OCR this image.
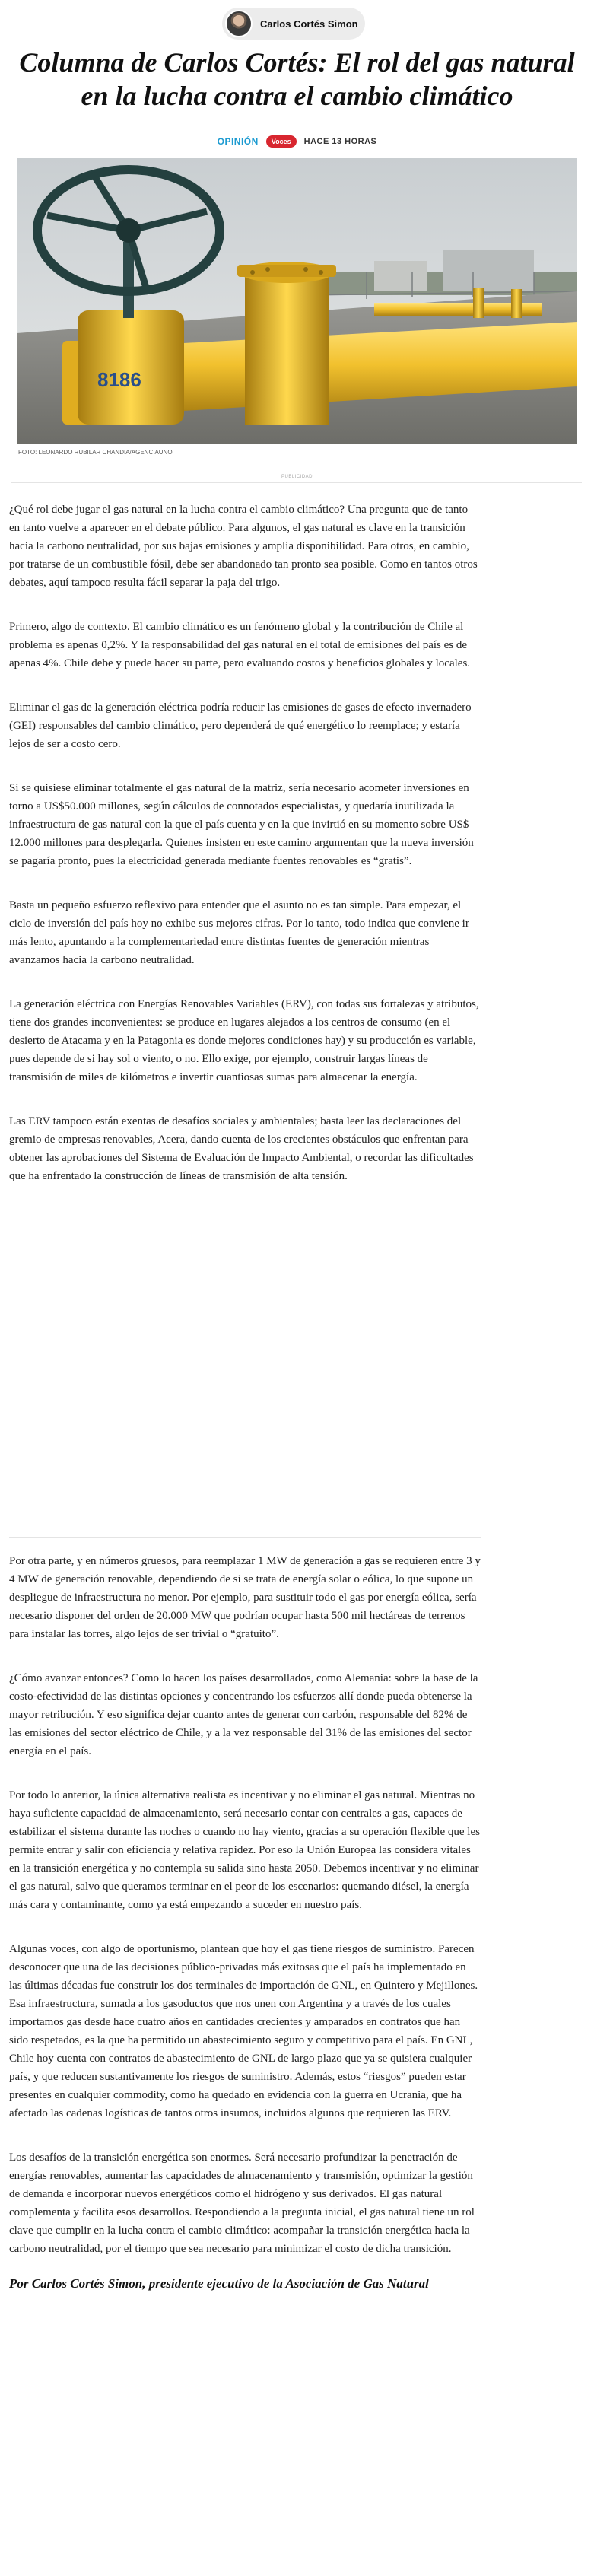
Carlos Cortés Simon
Columna de Carlos Cortés: El rol del gas natural en la lucha contra el cambio climático
OPINIÓN	Voces	HACE 13 HORAS
8186
FOTO: LEONARDO RUBILAR CHANDIA/AGENCIAUNO
PUBLICIDAD

¿Qué rol debe jugar el gas natural en la lucha contra el cambio climático? Una pregunta que de tanto en tanto vuelve a aparecer en el debate público. Para algunos, el gas natural es clave en la transición hacia la carbono neutralidad, por sus bajas emisiones y amplia disponibilidad. Para otros, en cambio, por tratarse de un combustible fósil, debe ser abandonado tan pronto sea posible. Como en tantos otros debates, aquí tampoco resulta fácil separar la paja del trigo.

Primero, algo de contexto. El cambio climático es un fenómeno global y la contribución de Chile al problema es apenas 0,2%. Y la responsabilidad del gas natural en el total de emisiones del país es de apenas 4%. Chile debe y puede hacer su parte, pero evaluando costos y beneficios globales y locales.

Eliminar el gas de la generación eléctrica podría reducir las emisiones de gases de efecto invernadero (GEI) responsables del cambio climático, pero dependerá de qué energético lo reemplace; y estaría lejos de ser a costo cero.

Si se quisiese eliminar totalmente el gas natural de la matriz, sería necesario acometer inversiones en torno a US$50.000 millones, según cálculos de connotados especialistas, y quedaría inutilizada la infraestructura de gas natural con la que el país cuenta y en la que invirtió en su momento sobre US$ 12.000 millones para desplegarla. Quienes insisten en este camino argumentan que la nueva inversión se pagaría pronto, pues la electricidad generada mediante fuentes renovables es “gratis”.

Basta un pequeño esfuerzo reflexivo para entender que el asunto no es tan simple. Para empezar, el ciclo de inversión del país hoy no exhibe sus mejores cifras. Por lo tanto, todo indica que conviene ir más lento, apuntando a la complementariedad entre distintas fuentes de generación mientras avanzamos hacia la carbono neutralidad.

La generación eléctrica con Energías Renovables Variables (ERV), con todas sus fortalezas y atributos, tiene dos grandes inconvenientes: se produce en lugares alejados a los centros de consumo (en el desierto de Atacama y en la Patagonia es donde mejores condiciones hay) y su producción es variable, pues depende de si hay sol o viento, o no. Ello exige, por ejemplo, construir largas líneas de transmisión de miles de kilómetros e invertir cuantiosas sumas para almacenar la energía.

Las ERV tampoco están exentas de desafíos sociales y ambientales; basta leer las declaraciones del gremio de empresas renovables, Acera, dando cuenta de los crecientes obstáculos que enfrentan para obtener las aprobaciones del Sistema de Evaluación de Impacto Ambiental, o recordar las dificultades que ha enfrentado la construcción de líneas de transmisión de alta tensión.

Por otra parte, y en números gruesos, para reemplazar 1 MW de generación a gas se requieren entre 3 y 4 MW de generación renovable, dependiendo de si se trata de energía solar o eólica, lo que supone un despliegue de infraestructura no menor. Por ejemplo, para sustituir todo el gas por energía eólica, sería necesario disponer del orden de 20.000 MW que podrían ocupar hasta 500 mil hectáreas de terrenos para instalar las torres, algo lejos de ser trivial o “gratuito”.

¿Cómo avanzar entonces? Como lo hacen los países desarrollados, como Alemania: sobre la base de la costo-efectividad de las distintas opciones y concentrando los esfuerzos allí donde pueda obtenerse la mayor retribución. Y eso significa dejar cuanto antes de generar con carbón, responsable del 82% de las emisiones del sector eléctrico de Chile, y a la vez responsable del 31% de las emisiones del sector energía en el país.

Por todo lo anterior, la única alternativa realista es incentivar y no eliminar el gas natural. Mientras no haya suficiente capacidad de almacenamiento, será necesario contar con centrales a gas, capaces de estabilizar el sistema durante las noches o cuando no hay viento, gracias a su operación flexible que les permite entrar y salir con eficiencia y relativa rapidez. Por eso la Unión Europea las considera vitales en la transición energética y no contempla su salida sino hasta 2050. Debemos incentivar y no eliminar el gas natural, salvo que queramos terminar en el peor de los escenarios: quemando diésel, la energía más cara y contaminante, como ya está empezando a suceder en nuestro país.

Algunas voces, con algo de oportunismo, plantean que hoy el gas tiene riesgos de suministro. Parecen desconocer que una de las decisiones público-privadas más exitosas que el país ha implementado en las últimas décadas fue construir los dos terminales de importación de GNL, en Quintero y Mejillones. Esa infraestructura, sumada a los gasoductos que nos unen con Argentina y a través de los cuales importamos gas desde hace cuatro años en cantidades crecientes y amparados en contratos que han sido respetados, es la que ha permitido un abastecimiento seguro y competitivo para el país. En GNL, Chile hoy cuenta con contratos de abastecimiento de GNL de largo plazo que ya se quisiera cualquier país, y que reducen sustantivamente los riesgos de suministro. Además, estos “riesgos” pueden estar presentes en cualquier commodity, como ha quedado en evidencia con la guerra en Ucrania, que ha afectado las cadenas logísticas de tantos otros insumos, incluidos algunos que requieren las ERV.

Los desafíos de la transición energética son enormes. Será necesario profundizar la penetración de energías renovables, aumentar las capacidades de almacenamiento y transmisión, optimizar la gestión de demanda e incorporar nuevos energéticos como el hidrógeno y sus derivados. El gas natural complementa y facilita esos desarrollos. Respondiendo a la pregunta inicial, el gas natural tiene un rol clave que cumplir en la lucha contra el cambio climático: acompañar la transición energética hacia la carbono neutralidad, por el tiempo que sea necesario para minimizar el costo de dicha transición.

Por Carlos Cortés Simon, presidente ejecutivo de la Asociación de Gas Natural
